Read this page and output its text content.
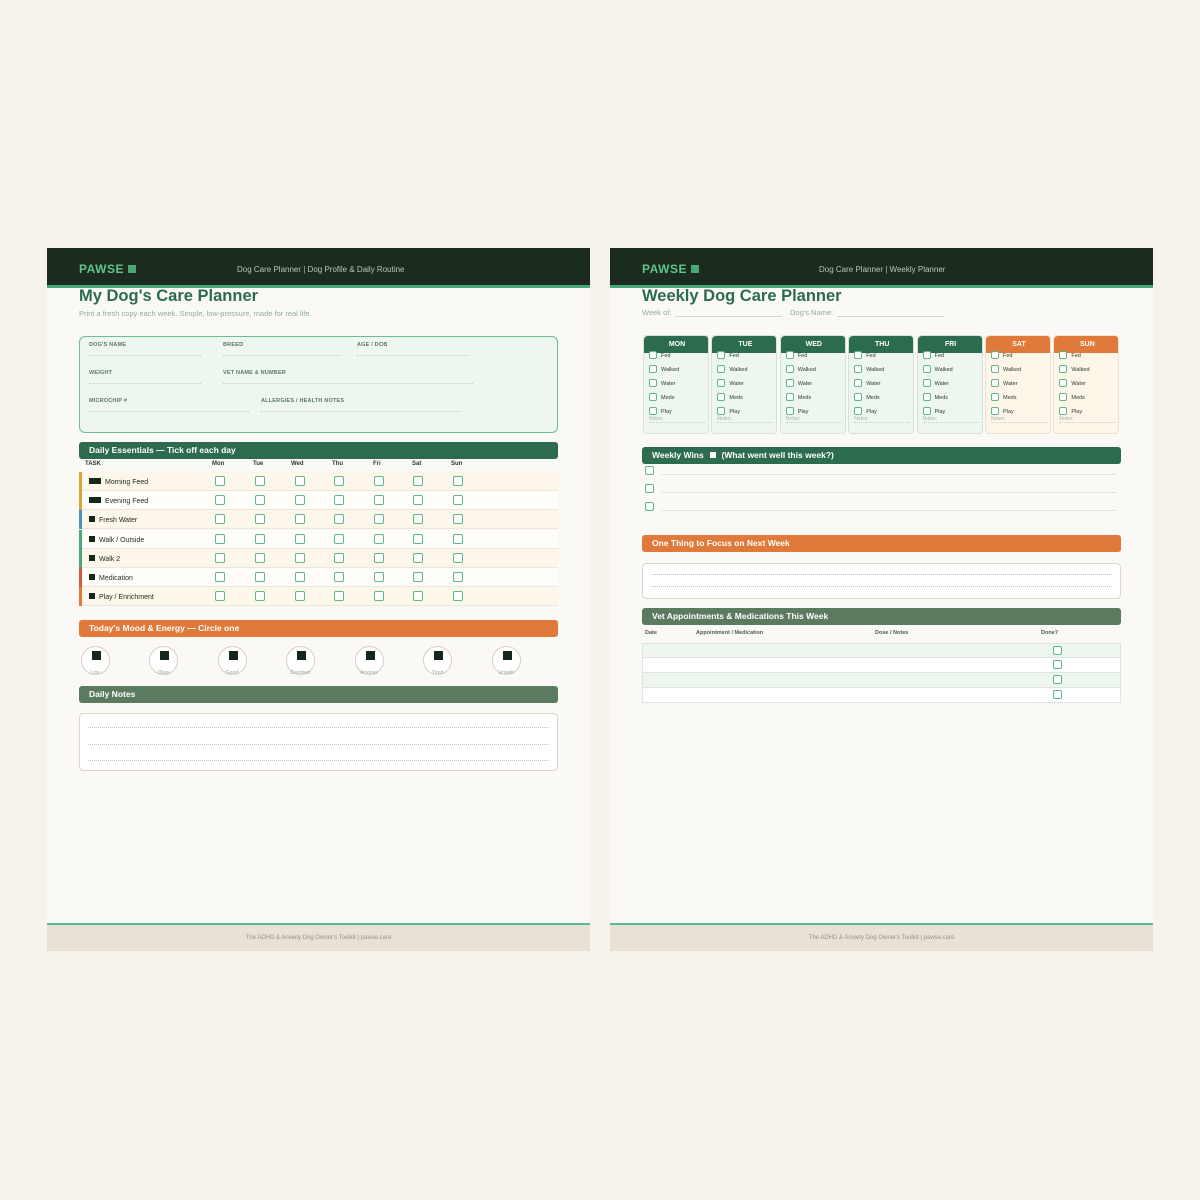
PAWSE	Dog Care Planner | Dog Profile & Daily Routine
My Dog's Care Planner
Print a fresh copy each week. Simple, low-pressure, made for real life.
DOG'S NAME	BREED	AGE / DOB
WEIGHT	VET NAME & NUMBER
MICROCHIP #	ALLERGIES / HEALTH NOTES
Daily Essentials — Tick off each day
TASK	Mon	Tue	Wed	Thu	Fri	Sat	Sun
Morning Feed
Evening Feed
Fresh Water
Walk / Outside
Walk 2
Medication
Play / Enrichment
Today's Mood & Energy — Circle one
Low	Okay	Good	Zoomies!	Anxious	Tired	Unwell
Daily Notes
The ADHD & Anxiety Dog Owner's Toolkit | pawse.care
PAWSE	Dog Care Planner | Weekly Planner
Weekly Dog Care Planner
Week of:	Dog's Name:
MON
Fed
Walked
Water
Meds
Play
Notes:
TUE
Fed
Walked
Water
Meds
Play
Notes:
WED
Fed
Walked
Water
Meds
Play
Notes:
THU
Fed
Walked
Water
Meds
Play
Notes:
FRI
Fed
Walked
Water
Meds
Play
Notes:
SAT
Fed
Walked
Water
Meds
Play
Notes:
SUN
Fed
Walked
Water
Meds
Play
Notes:
Weekly Wins (What went well this week?)
One Thing to Focus on Next Week
Vet Appointments & Medications This Week
Date	Appointment / Medication	Dose / Notes	Done?
The ADHD & Anxiety Dog Owner's Toolkit | pawse.care
